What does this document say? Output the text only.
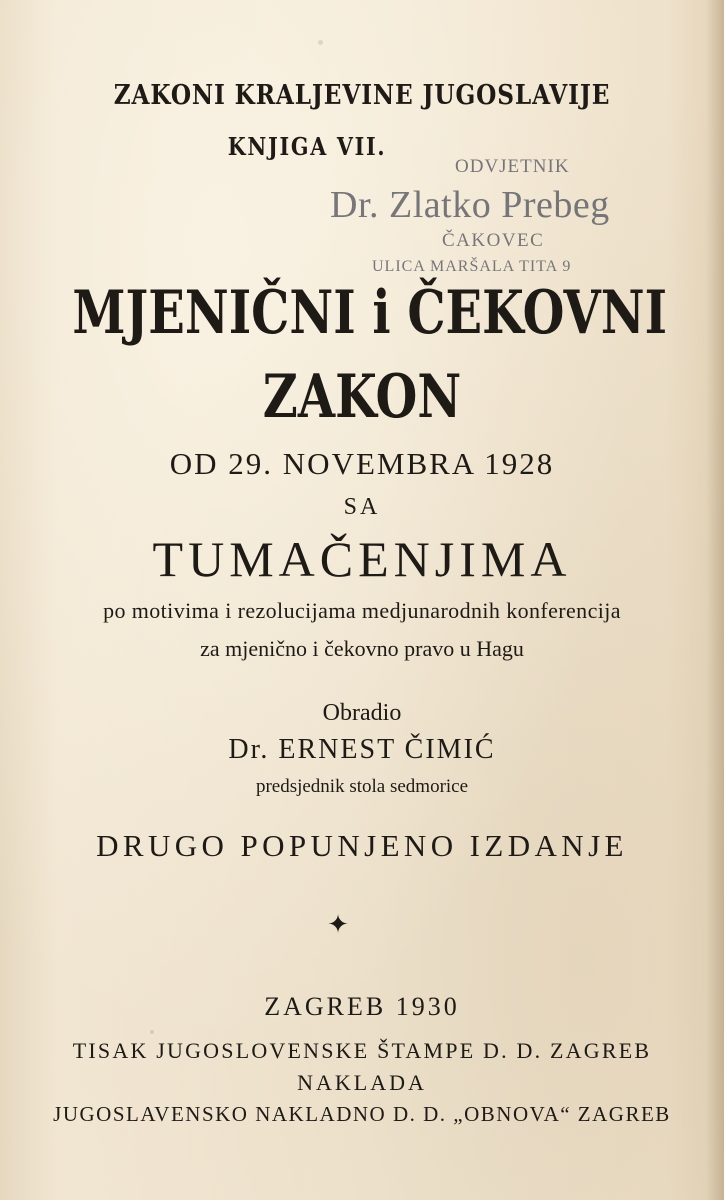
ZAKONI KRALJEVINE JUGOSLAVIJE

KNJIGA VII.

ODVJETNIK
Dr. Zlatko Prebeg
ČAKOVEC
ULICA MARŠALA TITA 9

MJENIČNI i ČEKOVNI

ZAKON

OD 29. NOVEMBRA 1928

SA

TUMAČENJIMA

po motivima i rezolucijama medjunarodnih konferencija

za mjenično i čekovno pravo u Hagu

Obradio

Dr. ERNEST ČIMIĆ

predsjednik stola sedmorice

DRUGO POPUNJENO IZDANJE

✦

ZAGREB 1930

TISAK JUGOSLOVENSKE ŠTAMPE D. D. ZAGREB

NAKLADA

JUGOSLAVENSKO NAKLADNO D. D. „OBNOVA“ ZAGREB
